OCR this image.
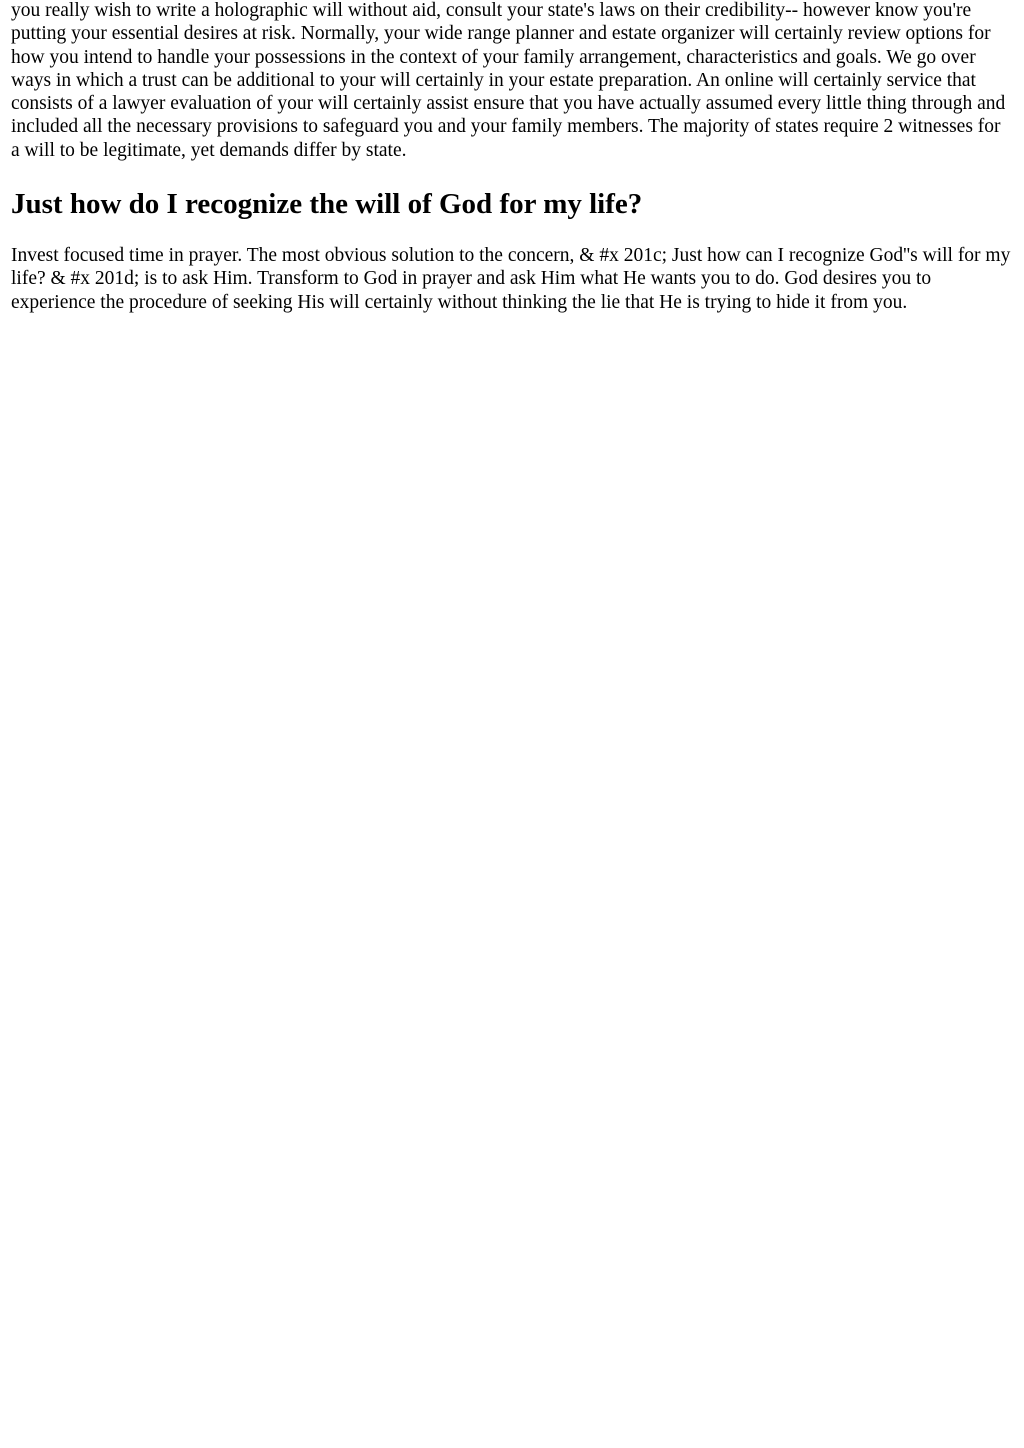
you really wish to write a holographic will without aid, consult your state's laws on their credibility-- however know you're putting your essential desires at risk. Normally, your wide range planner and estate organizer will certainly review options for how you intend to handle your possessions in the context of your family arrangement, characteristics and goals. We go over ways in which a trust can be additional to your will certainly in your estate preparation. An online will certainly service that consists of a lawyer evaluation of your will certainly assist ensure that you have actually assumed every little thing through and included all the necessary provisions to safeguard you and your family members. The majority of states require 2 witnesses for a will to be legitimate, yet demands differ by state.

Just how do I recognize the will of God for my life?

Invest focused time in prayer. The most obvious solution to the concern, & #x 201c; Just how can I recognize God''s will for my life? & #x 201d; is to ask Him. Transform to God in prayer and ask Him what He wants you to do. God desires you to experience the procedure of seeking His will certainly without thinking the lie that He is trying to hide it from you.
